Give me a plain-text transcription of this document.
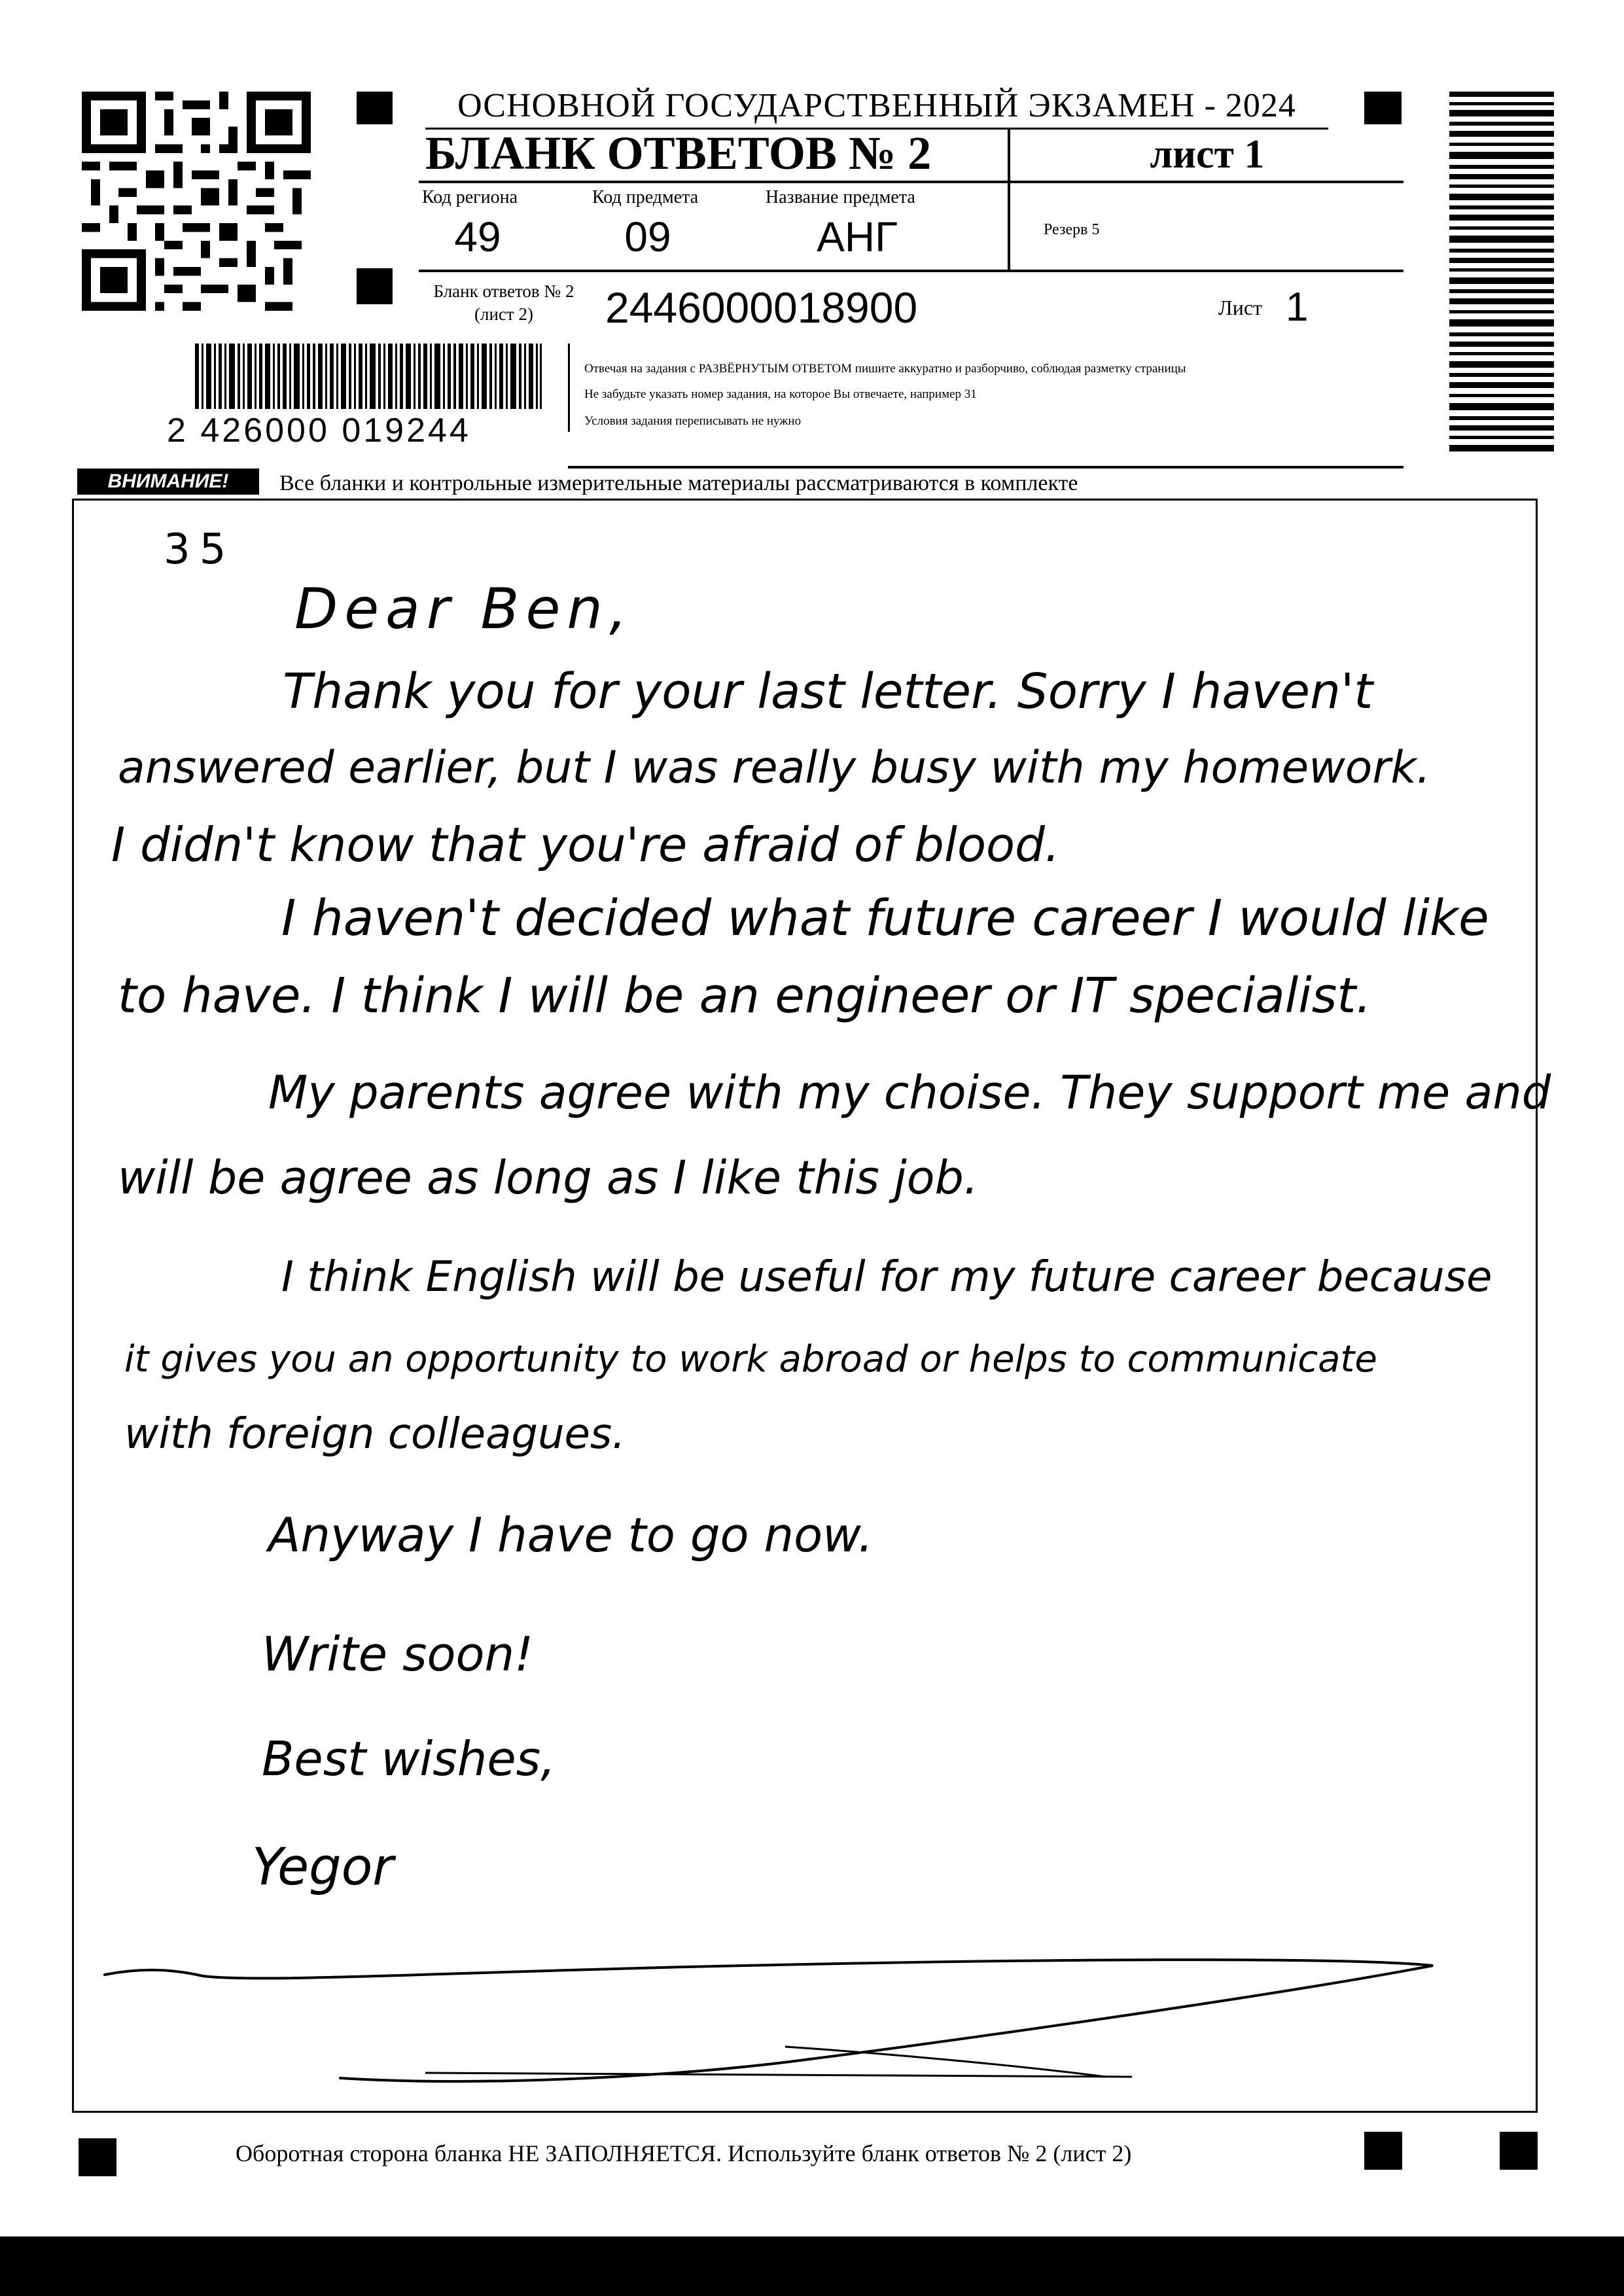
ОСНОВНОЙ ГОСУДАРСТВЕННЫЙ ЭКЗАМЕН - 2024
БЛАНК ОТВЕТОВ № 2	лист 1
Код региона	Код предмета	Название предмета
49	09	АНГ	Резерв 5
Бланк ответов № 2
(лист 2)	2446000018900	Лист 1
2 426000 019244
Отвечая на задания с РАЗВЁРНУТЫМ ОТВЕТОМ пишите аккуратно и разборчиво, соблюдая разметку страницы
Не забудьте указать номер задания, на которое Вы отвечаете, например 31
Условия задания переписывать не нужно
ВНИМАНИЕ!	Все бланки и контрольные измерительные материалы рассматриваются в комплекте
35
Dear Ben,
Thank you for your last letter. Sorry I haven't
answered earlier, but I was really busy with my homework.
I didn't know that you're afraid of blood.
I haven't decided what future career I would like
to have. I think I will be an engineer or IT specialist.
My parents agree with my choise. They support me and
will be agree as long as I like this job.
I think English will be useful for my future career because
it gives you an opportunity to work abroad or helps to communicate
with foreign colleagues.
Anyway I have to go now.
Write soon!
Best wishes,
Yegor
Оборотная сторона бланка НЕ ЗАПОЛНЯЕТСЯ. Используйте бланк ответов № 2 (лист 2)
